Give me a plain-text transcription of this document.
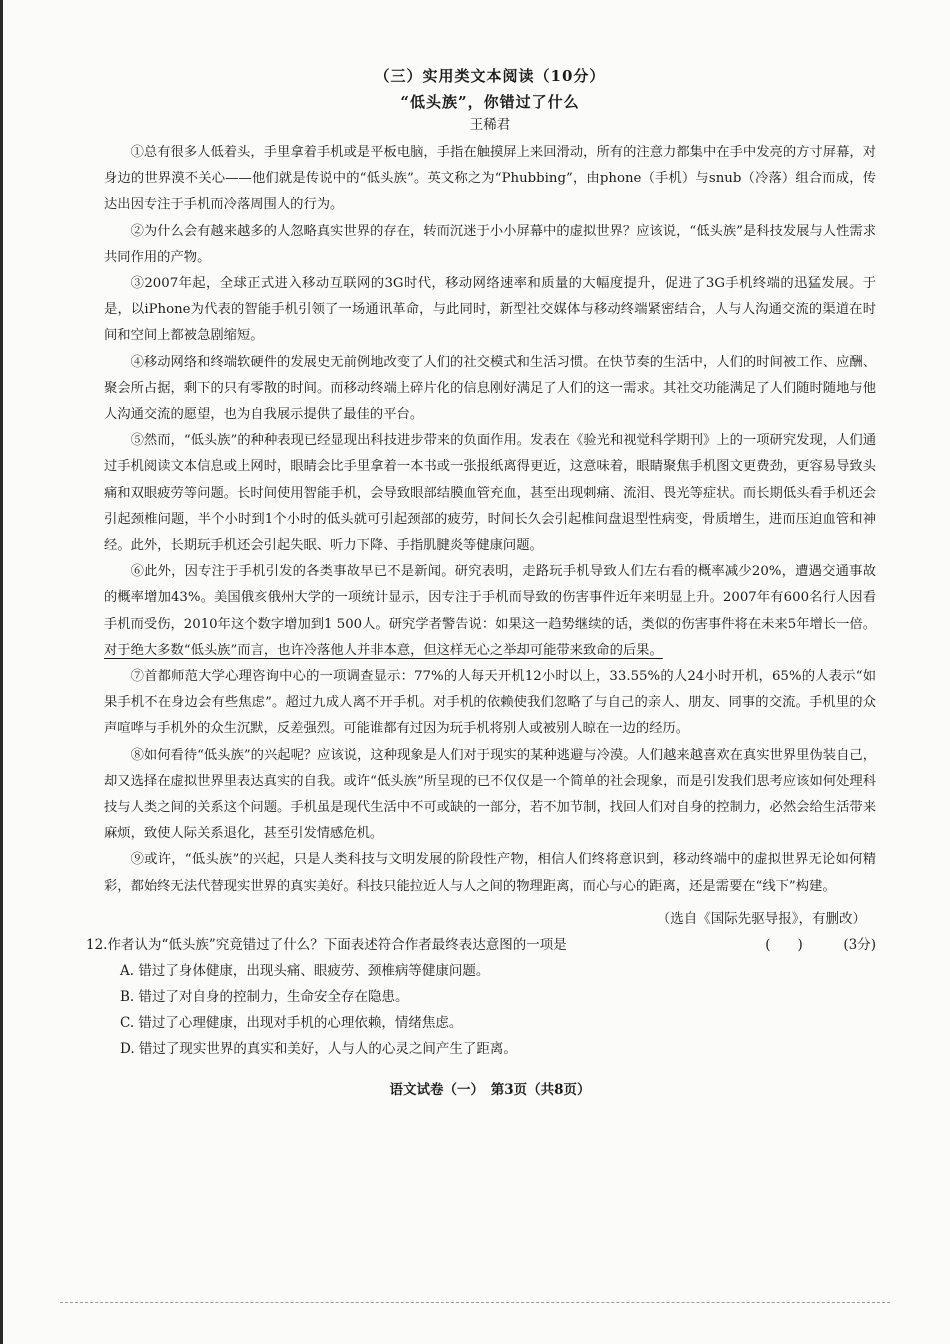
（三）实用类文本阅读（10分）
“低头族”，你错过了什么
王稀君

①总有很多人低着头，手里拿着手机或是平板电脑，手指在触摸屏上来回滑动，所有的注意力都集中在手中发亮的方寸屏幕，对身边的世界漠不关心——他们就是传说中的“低头族”。英文称之为“Phubbing”，由phone（手机）与snub（冷落）组合而成，传达出因专注于手机而冷落周围人的行为。

②为什么会有越来越多的人忽略真实世界的存在，转而沉迷于小小屏幕中的虚拟世界？应该说，“低头族”是科技发展与人性需求共同作用的产物。

③2007年起，全球正式进入移动互联网的3G时代，移动网络速率和质量的大幅度提升，促进了3G手机终端的迅猛发展。于是，以iPhone为代表的智能手机引领了一场通讯革命，与此同时，新型社交媒体与移动终端紧密结合，人与人沟通交流的渠道在时间和空间上都被急剧缩短。

④移动网络和终端软硬件的发展史无前例地改变了人们的社交模式和生活习惯。在快节奏的生活中，人们的时间被工作、应酬、聚会所占据，剩下的只有零散的时间。而移动终端上碎片化的信息刚好满足了人们的这一需求。其社交功能满足了人们随时随地与他人沟通交流的愿望，也为自我展示提供了最佳的平台。

⑤然而，“低头族”的种种表现已经显现出科技进步带来的负面作用。发表在《验光和视觉科学期刊》上的一项研究发现，人们通过手机阅读文本信息或上网时，眼睛会比手里拿着一本书或一张报纸离得更近，这意味着，眼睛聚焦手机图文更费劲，更容易导致头痛和双眼疲劳等问题。长时间使用智能手机，会导致眼部结膜血管充血，甚至出现刺痛、流泪、畏光等症状。而长期低头看手机还会引起颈椎问题，半个小时到1个小时的低头就可引起颈部的疲劳，时间长久会引起椎间盘退型性病变，骨质增生，进而压迫血管和神经。此外，长期玩手机还会引起失眠、听力下降、手指肌腱炎等健康问题。

⑥此外，因专注于手机引发的各类事故早已不是新闻。研究表明，走路玩手机导致人们左右看的概率减少20%，遭遇交通事故的概率增加43%。美国俄亥俄州大学的一项统计显示，因专注于手机而导致的伤害事件近年来明显上升。2007年有600名行人因看手机而受伤，2010年这个数字增加到1 500人。研究学者警告说：如果这一趋势继续的话，类似的伤害事件将在未来5年增长一倍。对于绝大多数“低头族”而言，也许冷落他人并非本意，但这样无心之举却可能带来致命的后果。

⑦首都师范大学心理咨询中心的一项调查显示：77%的人每天开机12小时以上，33.55%的人24小时开机，65%的人表示“如果手机不在身边会有些焦虑”。超过九成人离不开手机。对手机的依赖使我们忽略了与自己的亲人、朋友、同事的交流。手机里的众声喧哗与手机外的众生沉默，反差强烈。可能谁都有过因为玩手机将别人或被别人晾在一边的经历。

⑧如何看待“低头族”的兴起呢？应该说，这种现象是人们对于现实的某种逃避与冷漠。人们越来越喜欢在真实世界里伪装自己，却又选择在虚拟世界里表达真实的自我。或许“低头族”所呈现的已不仅仅是一个简单的社会现象，而是引发我们思考应该如何处理科技与人类之间的关系这个问题。手机虽是现代生活中不可或缺的一部分，若不加节制，找回人们对自身的控制力，必然会给生活带来麻烦，致使人际关系退化，甚至引发情感危机。

⑨或许，“低头族”的兴起，只是人类科技与文明发展的阶段性产物，相信人们终将意识到，移动终端中的虚拟世界无论如何精彩，都始终无法代替现实世界的真实美好。科技只能拉近人与人之间的物理距离，而心与心的距离，还是需要在“线下”构建。

（选自《国际先驱导报》，有删改）
12. 作者认为“低头族”究竟错过了什么？下面表述符合作者最终表达意图的一项是	(　　)	(3分)
A. 错过了身体健康，出现头痛、眼疲劳、颈椎病等健康问题。
B. 错过了对自身的控制力，生命安全存在隐患。
C. 错过了心理健康，出现对手机的心理依赖，情绪焦虑。
D. 错过了现实世界的真实和美好，人与人的心灵之间产生了距离。
语文试卷（一）　第3页（共8页）
